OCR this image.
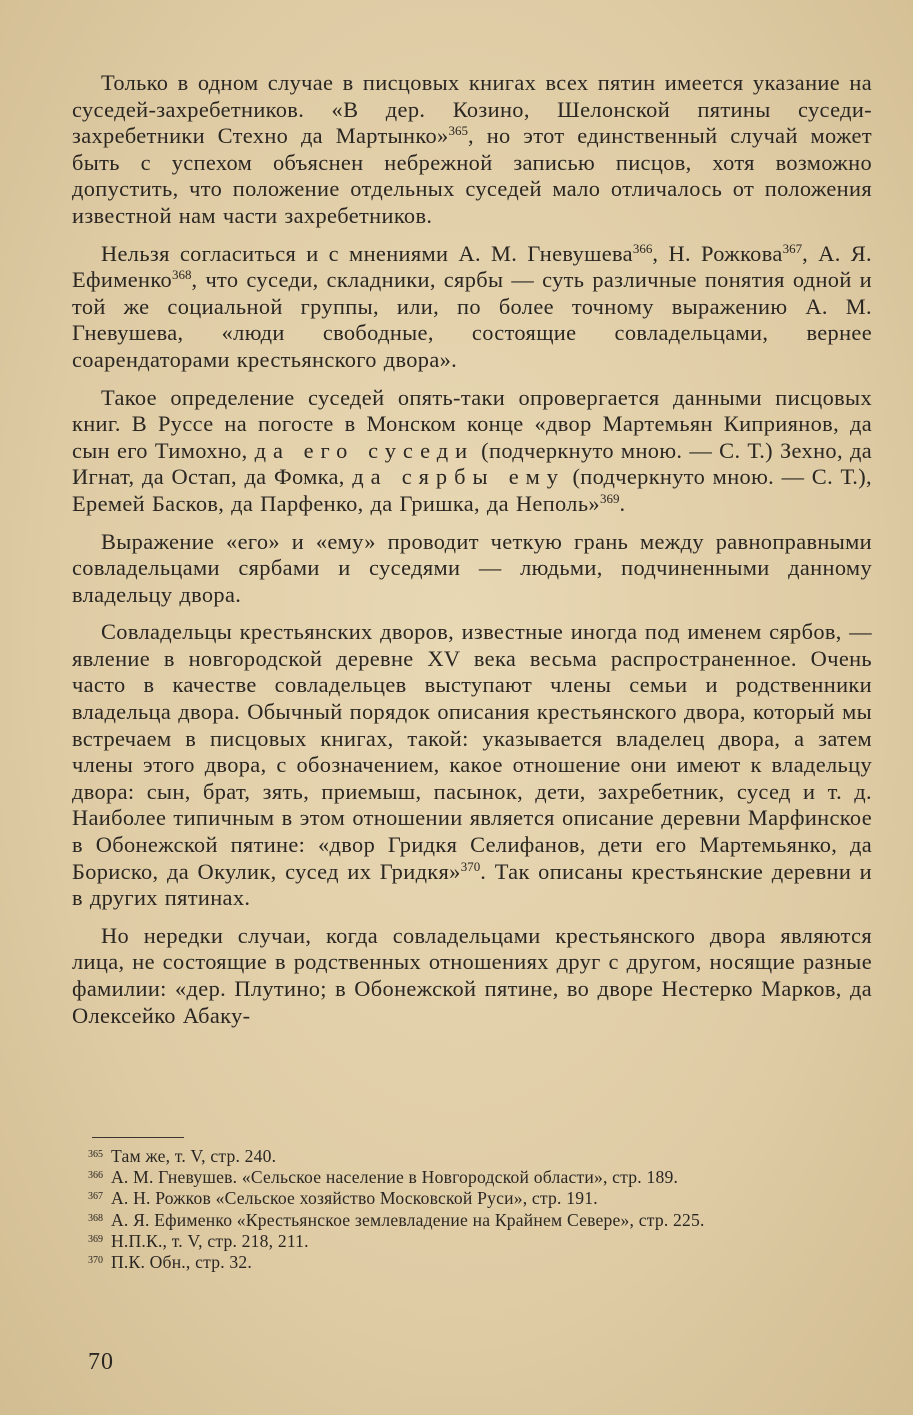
Только в одном случае в писцовых книгах всех пятин имеется указание на суседей-захребетников. «В дер. Козино, Шелонской пятины суседи-захребетники Стехно да Мартынко»$^{365}$, но этот единственный случай может быть с успехом объяснен небрежной записью писцов, хотя возможно допустить, что положение отдельных суседей мало отличалось от положения известной нам части захребетников.

Нельзя согласиться и с мнениями А. М. Гневушева$^{366}$, Н. Рожкова$^{367}$, А. Я. Ефименко$^{368}$, что суседи, складники, сярбы — суть различные понятия одной и той же социальной группы, или, по более точному выражению А. М. Гневушева, «люди свободные, состоящие совладельцами, вернее соарендаторами крестьянского двора».

Такое определение суседей опять-таки опровергается данными писцовых книг. В Руссе на погосте в Монском конце «двор Мартемьян Киприянов, да сын его Тимохно, да его суседи (подчеркнуто мною. — С. Т.) Зехно, да Игнат, да Остап, да Фомка, да сярбы ему (подчеркнуто мною. — С. Т.), Еремей Басков, да Парфенко, да Гришка, да Неполь»$^{369}$.

Выражение «его» и «ему» проводит четкую грань между равноправными совладельцами сярбами и суседями — людьми, подчиненными данному владельцу двора.

Совладельцы крестьянских дворов, известные иногда под именем сярбов, — явление в новгородской деревне XV века весьма распространенное. Очень часто в качестве совладельцев выступают члены семьи и родственники владельца двора. Обычный порядок описания крестьянского двора, который мы встречаем в писцовых книгах, такой: указывается владелец двора, а затем члены этого двора, с обозначением, какое отношение они имеют к владельцу двора: сын, брат, зять, приемыш, пасынок, дети, захребетник, сусед и т. д. Наиболее типичным в этом отношении является описание деревни Марфинское в Обонежской пятине: «двор Гридкя Селифанов, дети его Мартемьянко, да Бориско, да Окулик, сусед их Гридкя»$^{370}$. Так описаны крестьянские деревни и в других пятинах.

Но нередки случаи, когда совладельцами крестьянского двора являются лица, не состоящие в родственных отношениях друг с другом, носящие разные фамилии: «дер. Плутино; в Обонежской пятине, во дворе Нестерко Марков, да Олексейко Абаку-

$^{365}$ Там же, т. V, стр. 240.
$^{366}$ А. М. Гневушев. «Сельское население в Новгородской области», стр. 189.
$^{367}$ А. Н. Рожков «Сельское хозяйство Московской Руси», стр. 191.
$^{368}$ А. Я. Ефименко «Крестьянское землевладение на Крайнем Севере», стр. 225.
$^{369}$ Н.П.К., т. V, стр. 218, 211.
$^{370}$ П.К. Обн., стр. 32.
70
